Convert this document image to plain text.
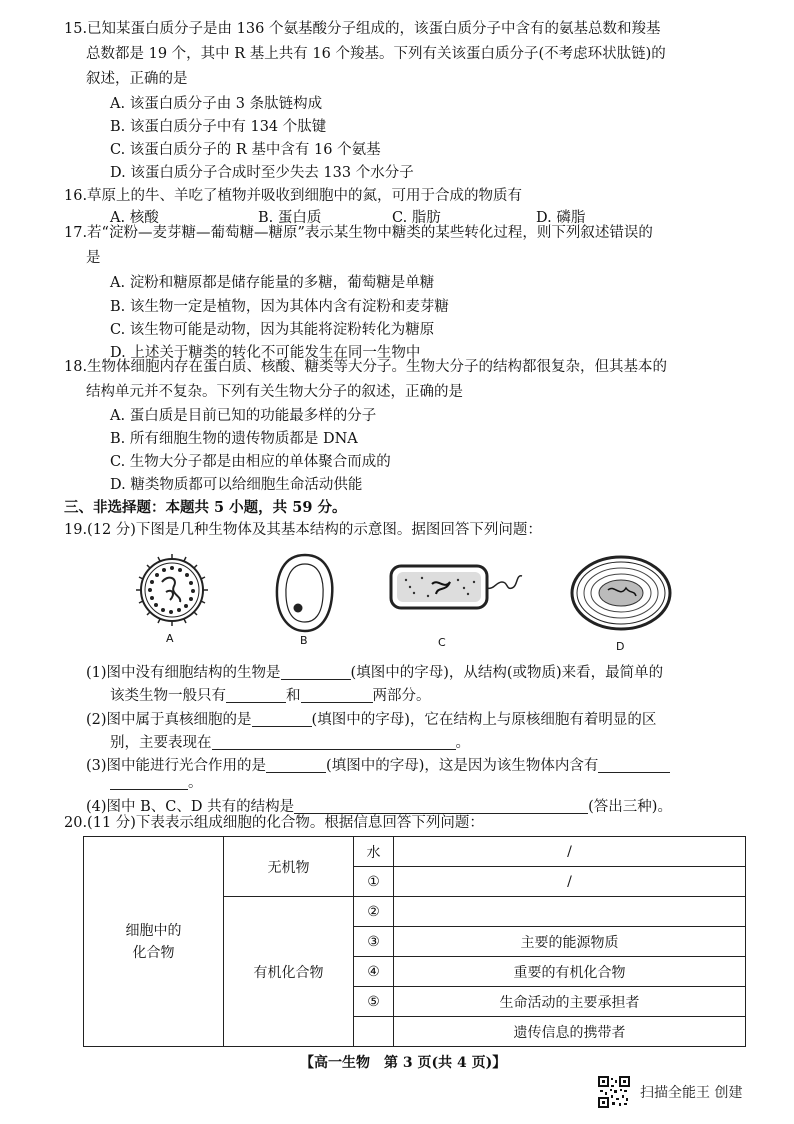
15.已知某蛋白质分子是由 136 个氨基酸分子组成的，该蛋白质分子中含有的氨基总数和羧基
总数都是 19 个，其中 R 基上共有 16 个羧基。下列有关该蛋白质分子(不考虑环状肽链)的
叙述，正确的是
A. 该蛋白质分子由 3 条肽链构成
B. 该蛋白质分子中有 134 个肽键
C. 该蛋白质分子的 R 基中含有 16 个氨基
D. 该蛋白质分子合成时至少失去 133 个水分子
16.草原上的牛、羊吃了植物并吸收到细胞中的氮，可用于合成的物质有
A. 核酸	B. 蛋白质	C. 脂肪	D. 磷脂
17.若“淀粉—麦芽糖—葡萄糖—糖原”表示某生物中糖类的某些转化过程，则下列叙述错误的
是
A. 淀粉和糖原都是储存能量的多糖，葡萄糖是单糖
B. 该生物一定是植物，因为其体内含有淀粉和麦芽糖
C. 该生物可能是动物，因为其能将淀粉转化为糖原
D. 上述关于糖类的转化不可能发生在同一生物中
18.生物体细胞内存在蛋白质、核酸、糖类等大分子。生物大分子的结构都很复杂，但其基本的
结构单元并不复杂。下列有关生物大分子的叙述，正确的是
A. 蛋白质是目前已知的功能最多样的分子
B. 所有细胞生物的遗传物质都是 DNA
C. 生物大分子都是由相应的单体聚合而成的
D. 糖类物质都可以给细胞生命活动供能
三、非选择题：本题共 5 小题，共 59 分。
19.(12 分)下图是几种生物体及其基本结构的示意图。据图回答下列问题：
A	B	C	D
(1)图中没有细胞结构的生物是	(填图中的字母)，从结构(或物质)来看，最简单的
该类生物一般只有	和	两部分。
(2)图中属于真核细胞的是	(填图中的字母)，它在结构上与原核细胞有着明显的区
别，主要表现在	。
(3)图中能进行光合作用的是	(填图中的字母)，这是因为该生物体内含有
。
(4)图中 B、C、D 共有的结构是	(答出三种)。
20.(11 分)下表表示组成细胞的化合物。根据信息回答下列问题：
细胞中的
化合物	无机物	水	/
		①	/
	有机化合物	②	
		③	主要的能源物质
		④	重要的有机化合物
		⑤	生命活动的主要承担者
			遗传信息的携带者
【高一生物　第 3 页(共 4 页)】
扫描全能王 创建
